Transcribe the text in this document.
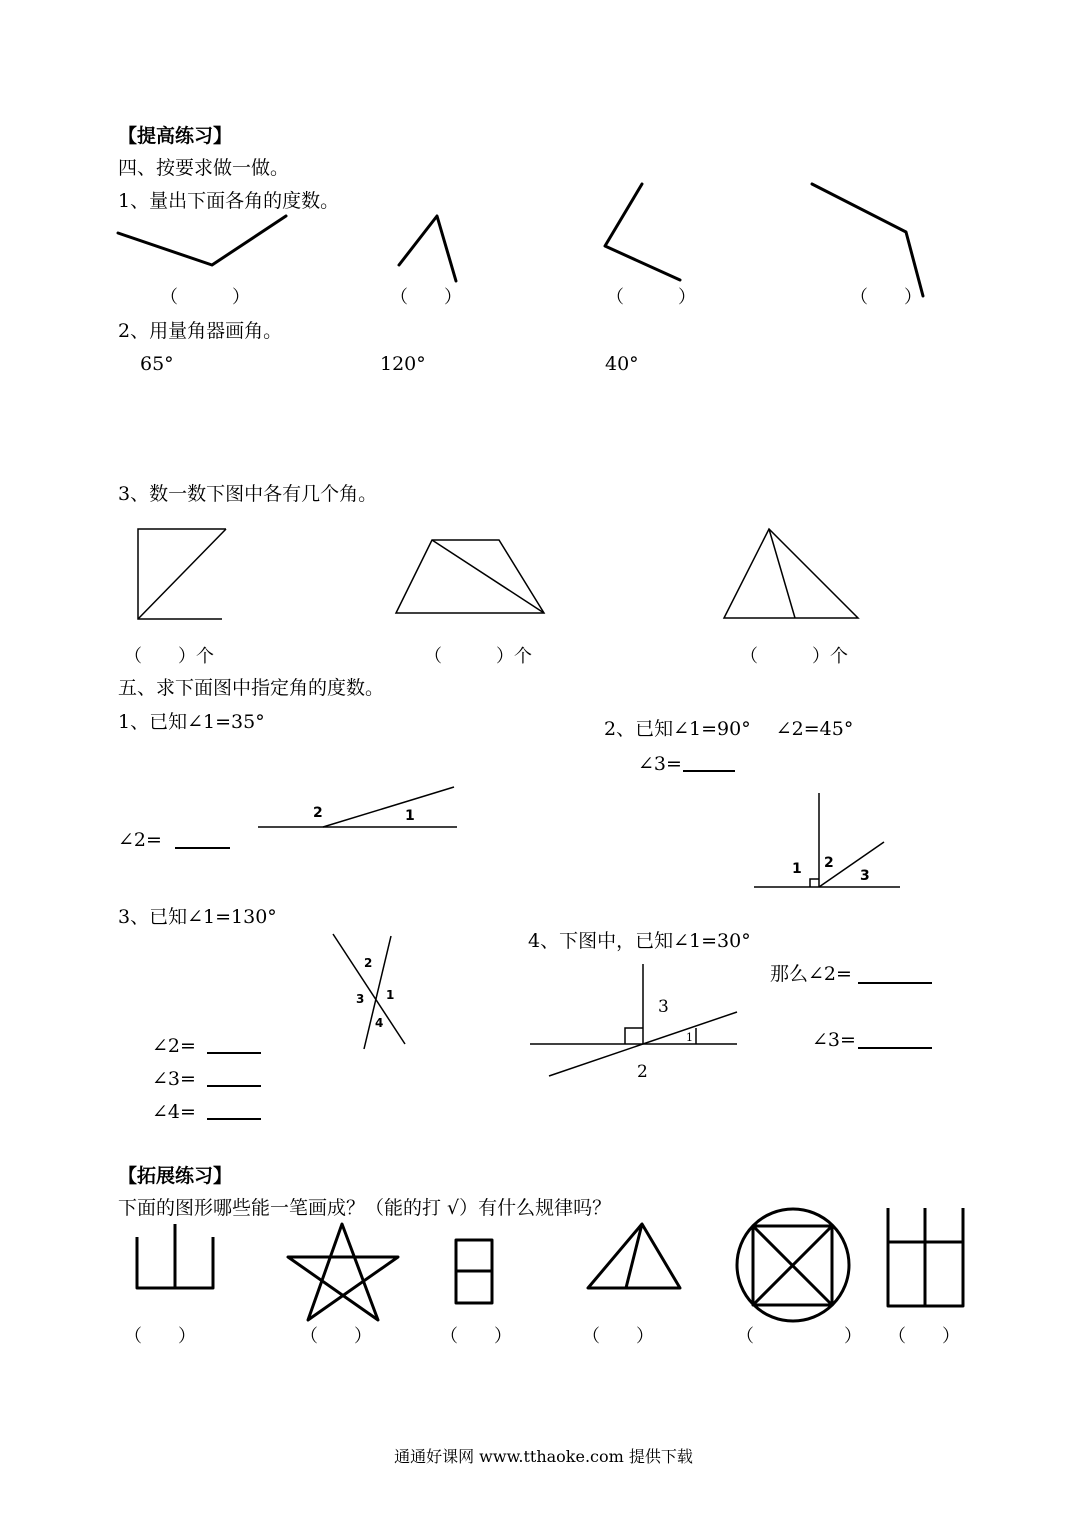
【提高练习】
四、按要求做一做。
1、量出下面各角的度数。
（　　　）	（　　）	（　　　）	（　　）
2、用量角器画角。
65°	120°	40°
3、数一数下图中各有几个角。
（　　）个	（　　　）个	（　　　）个
五、求下面图中指定角的度数。
1、已知∠1=35°
∠2=
2、已知∠1=90°　 ∠2=45°
∠3=
3、已知∠1=130°
∠2=
∠3=
∠4=
4、下图中，已知∠1=30°
那么∠2=
∠3=
【拓展练习】
下面的图形哪些能一笔画成？（能的打 √）有什么规律吗？
（　　）	（　　）	（　　）	（　　）	（　　　　　） （　　）
通通好课网 www.tthaoke.com 提供下载
2	1
1 2
3
2
3 1
4
3
2
1
